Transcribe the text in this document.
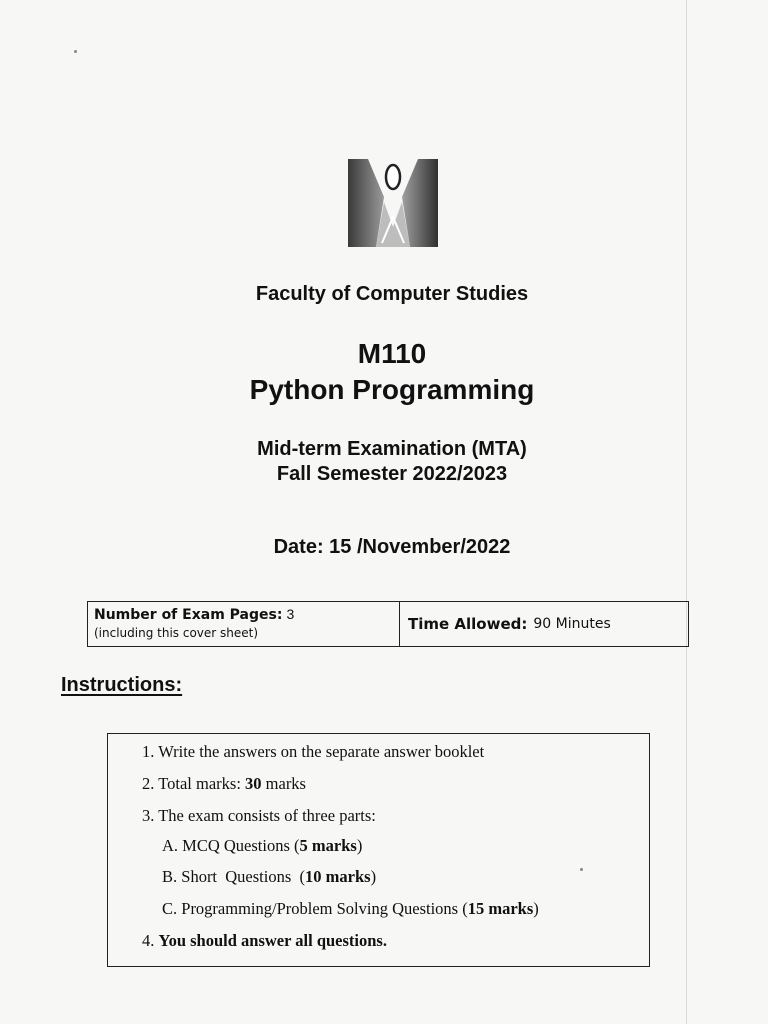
Faculty of Computer Studies
M110
Python Programming
Mid-term Examination (MTA)
Fall Semester 2022/2023
Date: 15 /November/2022
Number of Exam Pages: 3
(including this cover sheet)	Time Allowed: 90 Minutes
Instructions:
1. Write the answers on the separate answer booklet
2. Total marks: 30 marks
3. The exam consists of three parts:
A. MCQ Questions (5 marks)
B. Short  Questions  (10 marks)
C. Programming/Problem Solving Questions (15 marks)
4. You should answer all questions.
